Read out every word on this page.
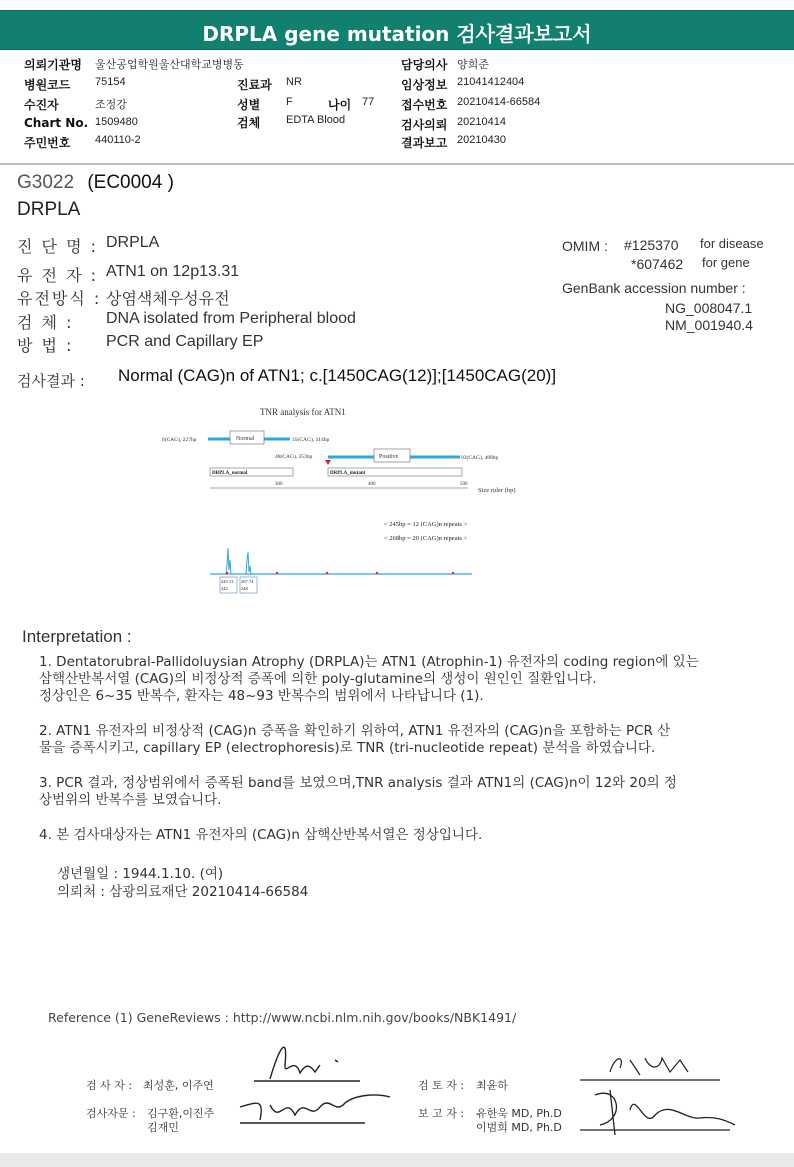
DRPLA gene mutation 검사결과보고서
의뢰기관명 울산공업학원울산대학교병병동
병원코드 75154
수진자	조정강
Chart No. 1509480
주민번호 440110-2
진료과 NR
성별 F	나이 77
검체 EDTA Blood
담당의사 양희준
임상정보 21041412404
접수번호 20210414-66584
검사의뢰 20210414
결과보고 20210430
G3022 (EC0004 )
DRPLA
진 단 명 : DRPLA
유 전 자 : ATN1 on 12p13.31
유전방식 : 상염색체우성유전
검 체 : DNA isolated from Peripheral blood
방 법 : PCR and Capillary EP
OMIM : #125370 for disease
*607462 for gene
GenBank accession number :
NG_008047.1
NM_001940.4
검사결과 : Normal (CAG)n of ATN1; c.[1450CAG(12)];[1450CAG(20)]
TNR analysis for ATN1
6(CAG), 227bp	Normal	35(CAG), 314bp
48(CAG), 353bp	Positive	93(CAG), 488bp
DRPLA_normal	DRPLA_mutant
300	400	500
Size ruler (bp)
< 245bp = 12 (CAG)n repeats >
< 268bp = 20 (CAG)n repeats >
245.13
242
267.74
248
Interpretation :
1. Dentatorubral-Pallidoluysian Atrophy (DRPLA)는 ATN1 (Atrophin-1) 유전자의 coding region에 있는
삼핵산반복서열 (CAG)의 비정상적 증폭에 의한 poly-glutamine의 생성이 원인인 질환입니다.
정상인은 6~35 반복수, 환자는 48~93 반복수의 범위에서 나타납니다 (1).
2. ATN1 유전자의 비정상적 (CAG)n 증폭을 확인하기 위하여, ATN1 유전자의 (CAG)n을 포함하는 PCR 산
물을 증폭시키고, capillary EP (electrophoresis)로 TNR (tri-nucleotide repeat) 분석을 하였습니다.
3. PCR 결과, 정상범위에서 증폭된 band를 보였으며,TNR analysis 결과 ATN1의 (CAG)n이 12와 20의 정
상범위의 반복수를 보였습니다.
4. 본 검사대상자는 ATN1 유전자의 (CAG)n 삼핵산반복서열은 정상입니다.
생년월일 : 1944.1.10. (여)
의뢰처 : 삼광의료재단 20210414-66584
Reference (1) GeneReviews : http://www.ncbi.nlm.nih.gov/books/NBK1491/
검 사 자 : 최성훈, 이주연	검 토 자 : 최윤하
검사자문 : 김구환,이진주
김재민
보 고 자 : 유한욱 MD, Ph.D
이범희 MD, Ph.D
